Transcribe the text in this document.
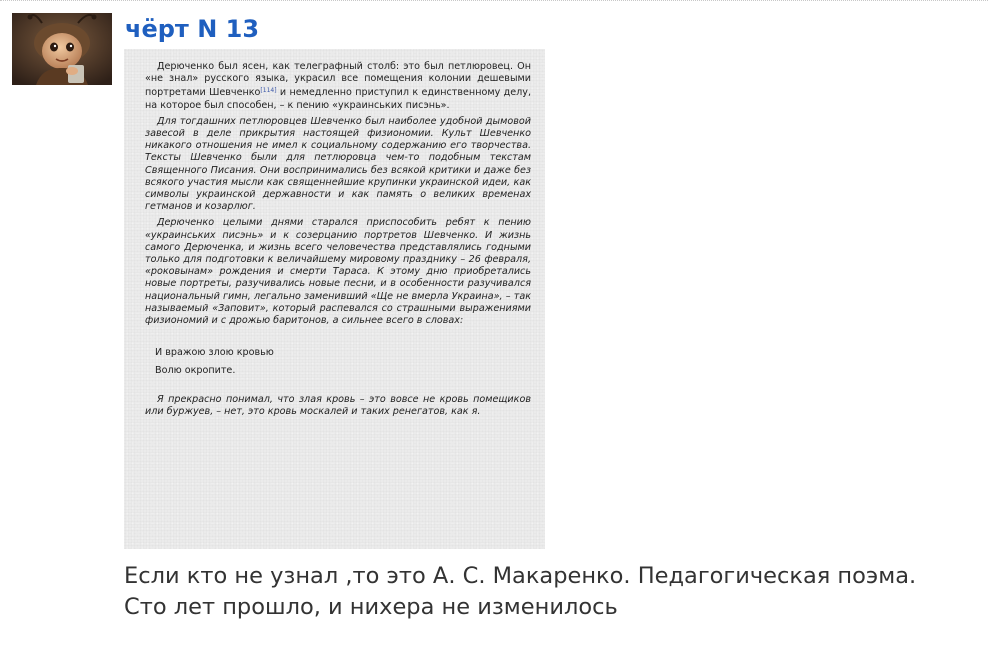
чёрт N 13

Дерюченко был ясен, как телеграфный столб: это был петлюровец. Он «не знал» русского языка, украсил все помещения колонии дешевыми портретами Шевченко[114] и немедленно приступил к единственному делу, на которое был способен, – к пению «украинських писэнь».

Для тогдашних петлюровцев Шевченко был наиболее удобной дымовой завесой в деле прикрытия настоящей физиономии. Культ Шевченко никакого отношения не имел к социальному содержанию его творчества. Тексты Шевченко были для петлюровца чем-то подобным текстам Священного Писания. Они воспринимались без всякой критики и даже без всякого участия мысли как священнейшие крупинки украинской идеи, как символы украинской державности и как память о великих временах гетманов и козарлюг.

Дерюченко целыми днями старался приспособить ребят к пению «украинських писэнь» и к созерцанию портретов Шевченко. И жизнь самого Дерюченка, и жизнь всего человечества представлялись годными только для подготовки к величайшему мировому празднику – 26 февраля, «роковынам» рождения и смерти Тараса. К этому дню приобретались новые портреты, разучивались новые песни, и в особенности разучивался национальный гимн, легально заменивший «Ще не вмерла Украина», – так называемый «Заповит», который распевался со страшными выражениями физиономий и с дрожью баритонов, а сильнее всего в словах:

И вражою злою кровью
Волю окропите.

Я прекрасно понимал, что злая кровь – это вовсе не кровь помещиков или буржуев, – нет, это кровь москалей и таких ренегатов, как я.

Если кто не узнал ,то это А. С. Макаренко. Педагогическая поэма.
Сто лет прошло, и нихера не изменилось
